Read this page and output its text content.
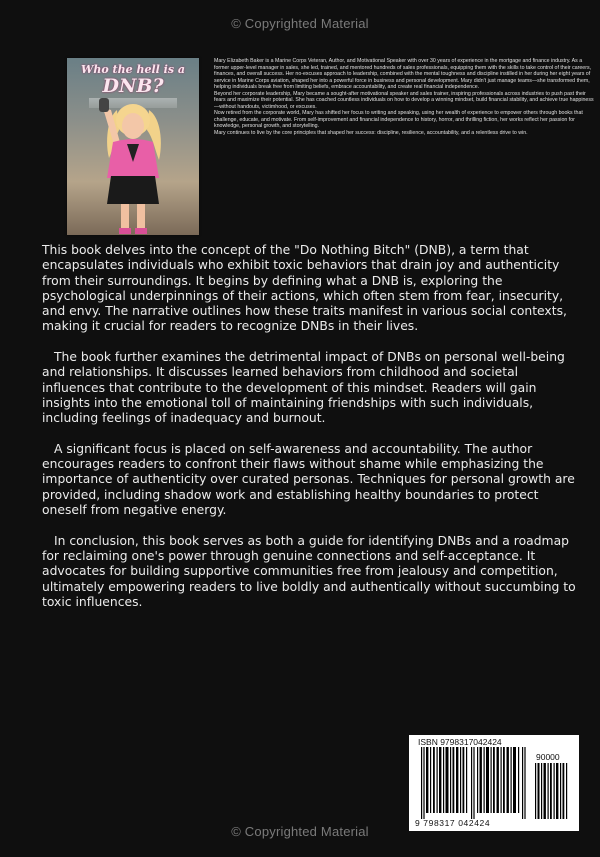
© Copyrighted Material
Who the hell is a
DNB?

Mary Elizabeth Baker is a Marine Corps Veteran, Author, and Motivational Speaker with over 30 years of experience in the mortgage and finance industry. As a former upper-level manager in sales, she led, trained, and mentored hundreds of sales professionals, equipping them with the skills to take control of their careers, finances, and overall success. Her no-excuses approach to leadership, combined with the mental toughness and discipline instilled in her during her eight years of service in Marine Corps aviation, shaped her into a powerful force in business and personal development. Mary didn't just manage teams—she transformed them, helping individuals break free from limiting beliefs, embrace accountability, and create real financial independence.

Beyond her corporate leadership, Mary became a sought-after motivational speaker and sales trainer, inspiring professionals across industries to push past their fears and maximize their potential. She has coached countless individuals on how to develop a winning mindset, build financial stability, and achieve true happiness—without handouts, victimhood, or excuses.

Now retired from the corporate world, Mary has shifted her focus to writing and speaking, using her wealth of experience to empower others through books that challenge, educate, and motivate. From self-improvement and financial independence to history, horror, and thrilling fiction, her works reflect her passion for knowledge, personal growth, and storytelling.

Mary continues to live by the core principles that shaped her success: discipline, resilience, accountability, and a relentless drive to win.

This book delves into the concept of the "Do Nothing Bitch" (DNB), a term that encapsulates individuals who exhibit toxic behaviors that drain joy and authenticity from their surroundings. It begins by defining what a DNB is, exploring the psychological underpinnings of their actions, which often stem from fear, insecurity, and envy. The narrative outlines how these traits manifest in various social contexts, making it crucial for readers to recognize DNBs in their lives.

The book further examines the detrimental impact of DNBs on personal well-being and relationships. It discusses learned behaviors from childhood and societal influences that contribute to the development of this mindset. Readers will gain insights into the emotional toll of maintaining friendships with such individuals, including feelings of inadequacy and burnout.

A significant focus is placed on self-awareness and accountability. The author encourages readers to confront their flaws without shame while emphasizing the importance of authenticity over curated personas. Techniques for personal growth are provided, including shadow work and establishing healthy boundaries to protect oneself from negative energy.

In conclusion, this book serves as both a guide for identifying DNBs and a roadmap for reclaiming one's power through genuine connections and self-acceptance. It advocates for building supportive communities free from jealousy and competition, ultimately empowering readers to live boldly and authentically without succumbing to toxic influences.

ISBN 9798317042424
90000
9 798317 042424
© Copyrighted Material
